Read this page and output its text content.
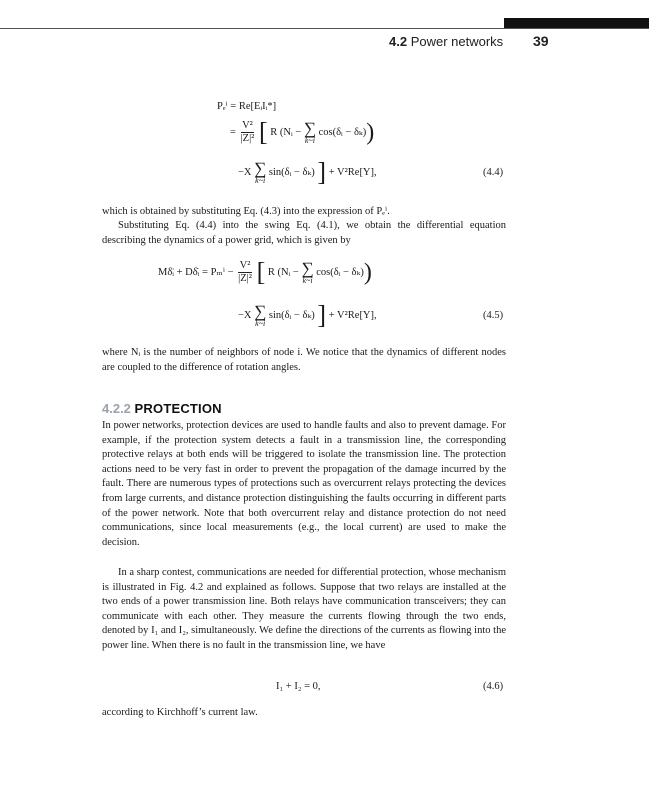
4.2 Power networks 39
Pₑⁱ = Re[EᵢIᵢ*]
= $\frac{\text{V²}}{\text{|Z|²}}$ [ R (Nᵢ − ∑
k~i
cos(δᵢ − δₖ))
−X ∑
k~i
sin(δᵢ − δₖ) ] + V²Re[Y],	(4.4)
which is obtained by substituting Eq. (4.3) into the expression of Pₑⁱ.
Substituting Eq. (4.4) into the swing Eq. (4.1), we obtain the differential equation describing the dynamics of a power grid, which is given by
Mδ̈ᵢ + Dδ̇ᵢ = $P_m^i - \frac{\text{V²}}{\text{|Z|²}}$ [ R (Nᵢ − ∑
k~i
cos(δᵢ − δₖ))
−X ∑
k~i
sin(δᵢ − δₖ) ] + V²Re[Y],	(4.5)
where Nᵢ is the number of neighbors of node i. We notice that the dynamics of different nodes are coupled to the difference of rotation angles.
4.2.2 PROTECTION
In power networks, protection devices are used to handle faults and also to prevent damage. For example, if the protection system detects a fault in a transmission line, the corresponding protective relays at both ends will be triggered to isolate the transmission line. The protection actions need to be very fast in order to prevent the propagation of the damage incurred by the fault. There are numerous types of protections such as overcurrent relays protecting the devices from large currents, and distance protection distinguishing the faults occurring in different parts of the power network. Note that both overcurrent relay and distance protection do not need communications, since local measurements (e.g., the local current) are used to make the decision.
In a sharp contest, communications are needed for differential protection, whose mechanism is illustrated in Fig. 4.2 and explained as follows. Suppose that two relays are installed at the two ends of a power transmission line. Both relays have communication transceivers; they can communicate with each other. They measure the currents flowing through the two ends, denoted by I₁ and I₂, simultaneously. We define the directions of the currents as flowing into the power line. When there is no fault in the transmission line, we have
I₁ + I₂ = 0,	(4.6)
according to Kirchhoff’s current law.
